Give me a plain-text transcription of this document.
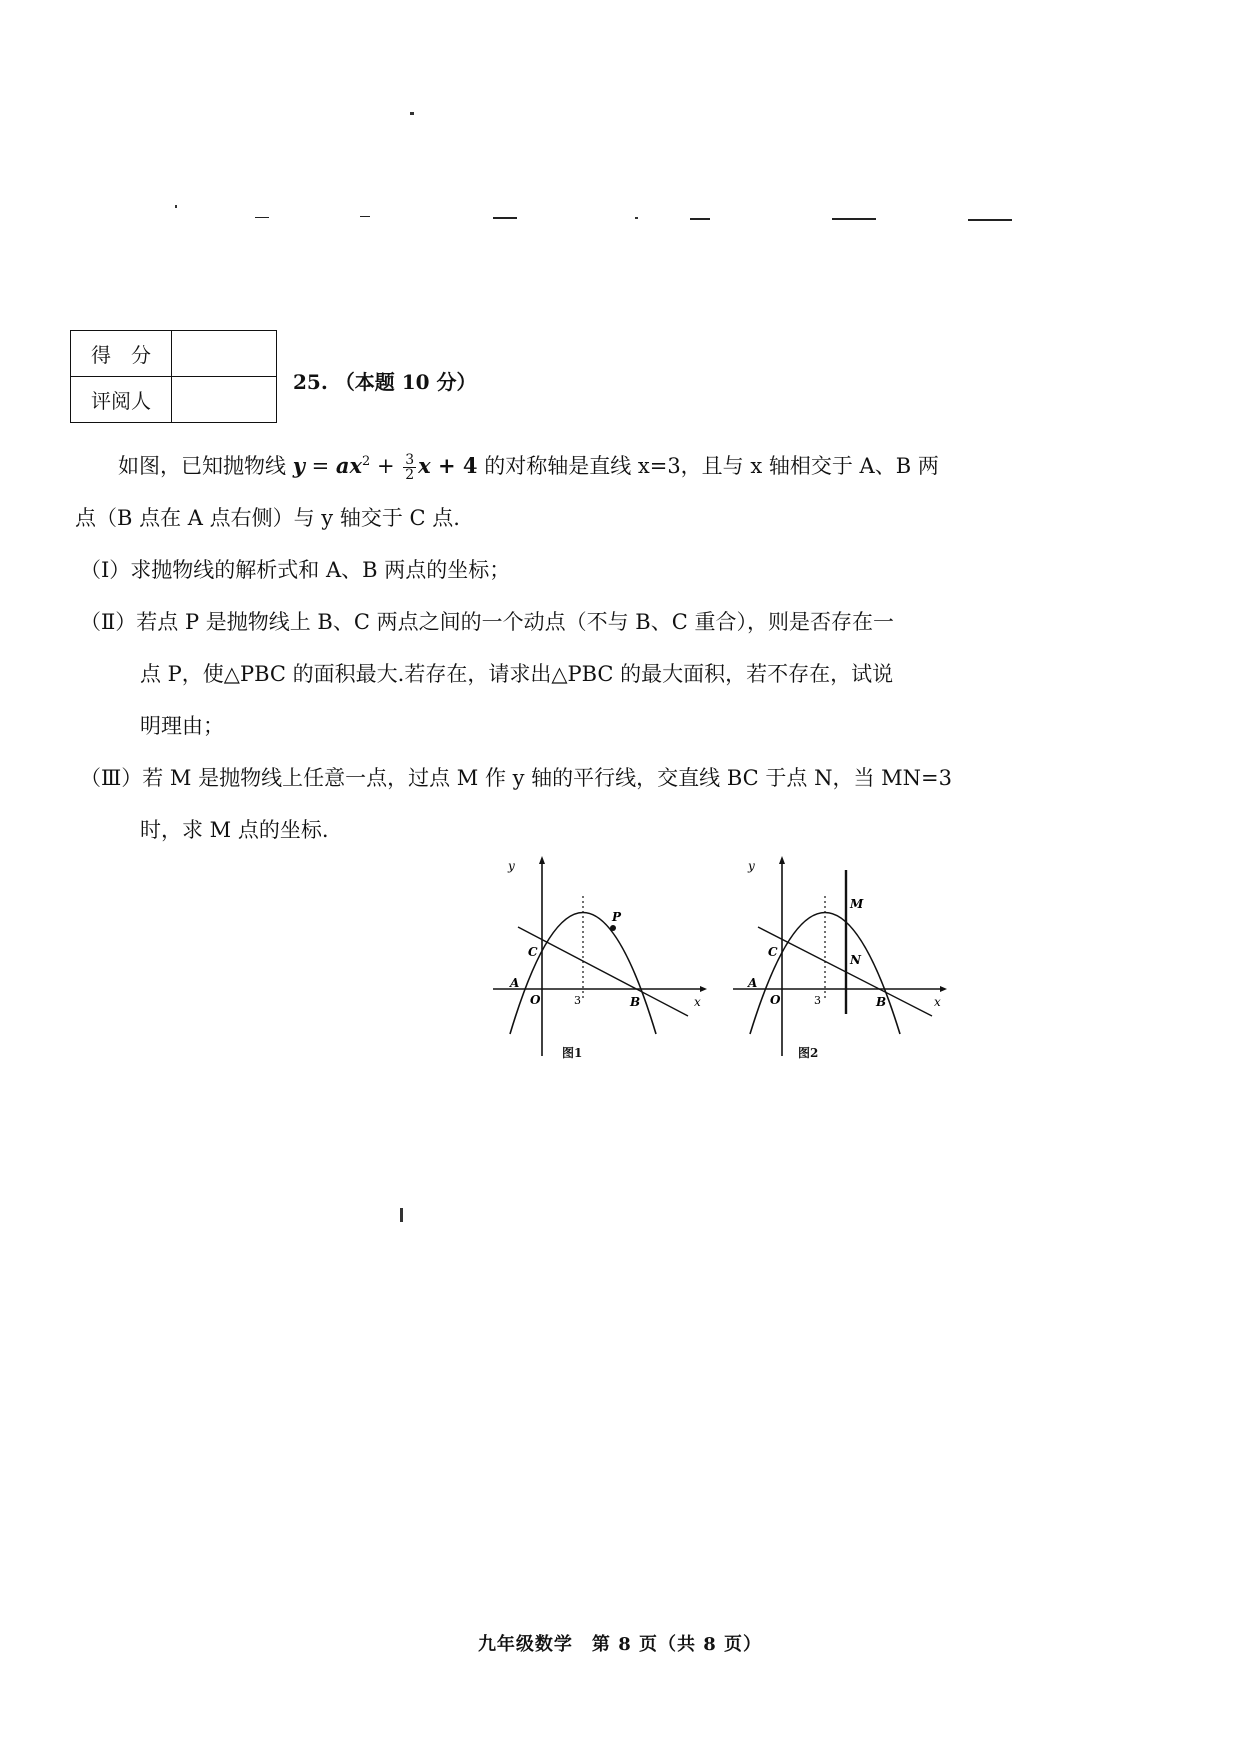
得　分	
评阅人	
25. （本题 10 分）
如图，已知抛物线 $y = ax^2 + \frac{3}{2}$ x + 4 的对称轴是直线 x=3，且与 x 轴相交于 A、B 两
点（B 点在 A 点右侧）与 y 轴交于 C 点.
（Ⅰ）求抛物线的解析式和 A、B 两点的坐标；
（Ⅱ）若点 P 是抛物线上 B、C 两点之间的一个动点（不与 B、C 重合），则是否存在一
点 P，使△PBC 的面积最大.若存在，请求出△PBC 的最大面积，若不存在，试说
明理由；
（Ⅲ）若 M 是抛物线上任意一点，过点 M 作 y 轴的平行线，交直线 BC 于点 N，当 MN=3
时，求 M 点的坐标.
y
x
O
A
B
C
3
P
图1
y
x
O
A
B
C
3
M
N
图2
九年级数学　第 8 页（共 8 页）
